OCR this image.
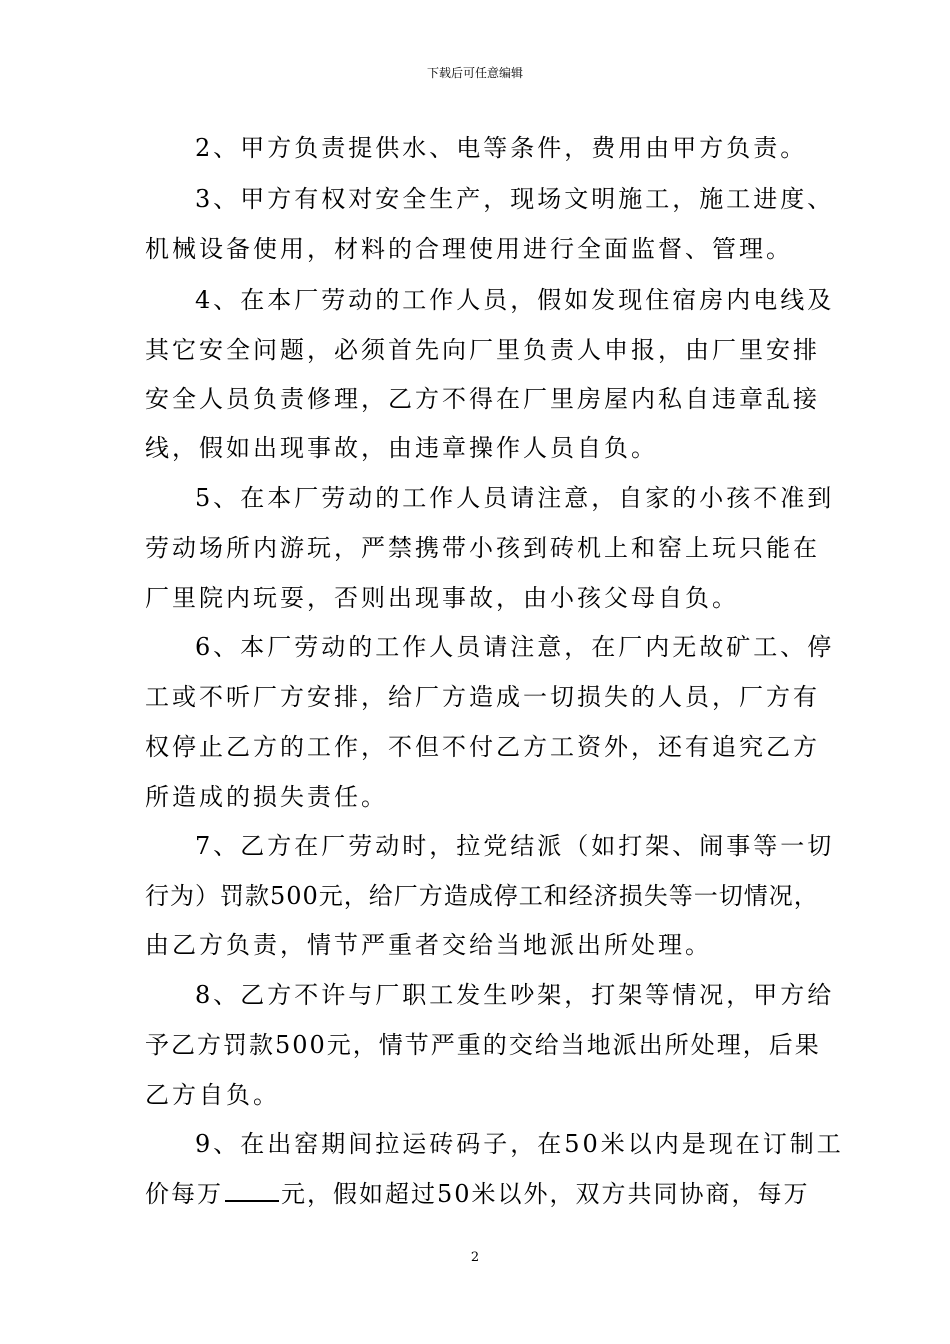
下载后可任意编辑
2、甲方负责提供水、电等条件，费用由甲方负责。
3、甲方有权对安全生产，现场文明施工，施工进度、
机械设备使用，材料的合理使用进行全面监督、管理。
4、在本厂劳动的工作人员，假如发现住宿房内电线及
其它安全问题，必须首先向厂里负责人申报，由厂里安排
安全人员负责修理，乙方不得在厂里房屋内私自违章乱接
线，假如出现事故，由违章操作人员自负。
5、在本厂劳动的工作人员请注意，自家的小孩不准到
劳动场所内游玩，严禁携带小孩到砖机上和窑上玩只能在
厂里院内玩耍，否则出现事故，由小孩父母自负。
6、本厂劳动的工作人员请注意，在厂内无故矿工、停
工或不听厂方安排，给厂方造成一切损失的人员，厂方有
权停止乙方的工作，不但不付乙方工资外，还有追究乙方
所造成的损失责任。
7、乙方在厂劳动时，拉党结派（如打架、闹事等一切
行为）罚款500元，给厂方造成停工和经济损失等一切情况，
由乙方负责，情节严重者交给当地派出所处理。
8、乙方不许与厂职工发生吵架，打架等情况，甲方给
予乙方罚款500元，情节严重的交给当地派出所处理，后果
乙方自负。
9、在出窑期间拉运砖码子，在50米以内是现在订制工
价每万 元，假如超过50米以外，双方共同协商，每万
2
